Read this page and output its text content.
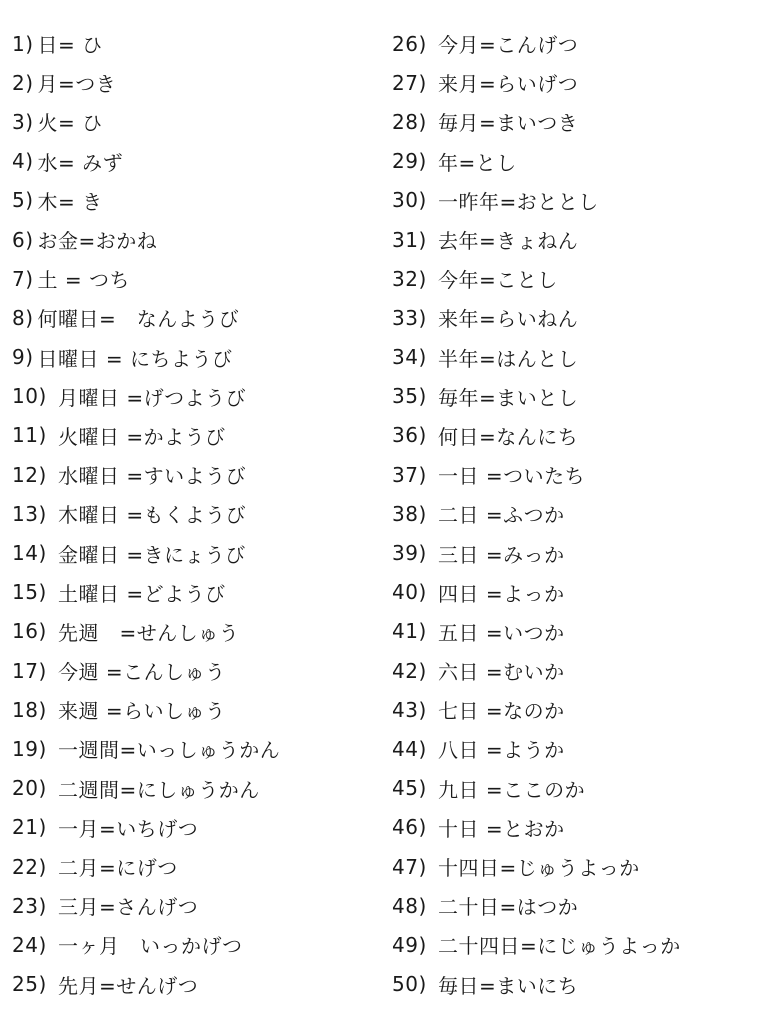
1) 日= ひ
2) 月=つき
3) 火= ひ
4) 水= みず
5) 木= き
6) お金=おかね
7) 土 = つち
8) 何曜日=　なんようび
9) 日曜日 = にちようび
10) 月曜日 =げつようび
11) 火曜日 =かようび
12) 水曜日 =すいようび
13) 木曜日 =もくようび
14) 金曜日 =きにょうび
15) 土曜日 =どようび
16) 先週　=せんしゅう
17) 今週 =こんしゅう
18) 来週 =らいしゅう
19) 一週間=いっしゅうかん
20) 二週間=にしゅうかん
21) 一月=いちげつ
22) 二月=にげつ
23) 三月=さんげつ
24) 一ヶ月　いっかげつ
25) 先月=せんげつ
26) 今月=こんげつ
27) 来月=らいげつ
28) 毎月=まいつき
29) 年=とし
30) 一昨年=おととし
31) 去年=きょねん
32) 今年=ことし
33) 来年=らいねん
34) 半年=はんとし
35) 毎年=まいとし
36) 何日=なんにち
37) 一日 =ついたち
38) 二日 =ふつか
39) 三日 =みっか
40) 四日 =よっか
41) 五日 =いつか
42) 六日 =むいか
43) 七日 =なのか
44) 八日 =ようか
45) 九日 =ここのか
46) 十日 =とおか
47) 十四日=じゅうよっか
48) 二十日=はつか
49) 二十四日=にじゅうよっか
50) 毎日=まいにち
